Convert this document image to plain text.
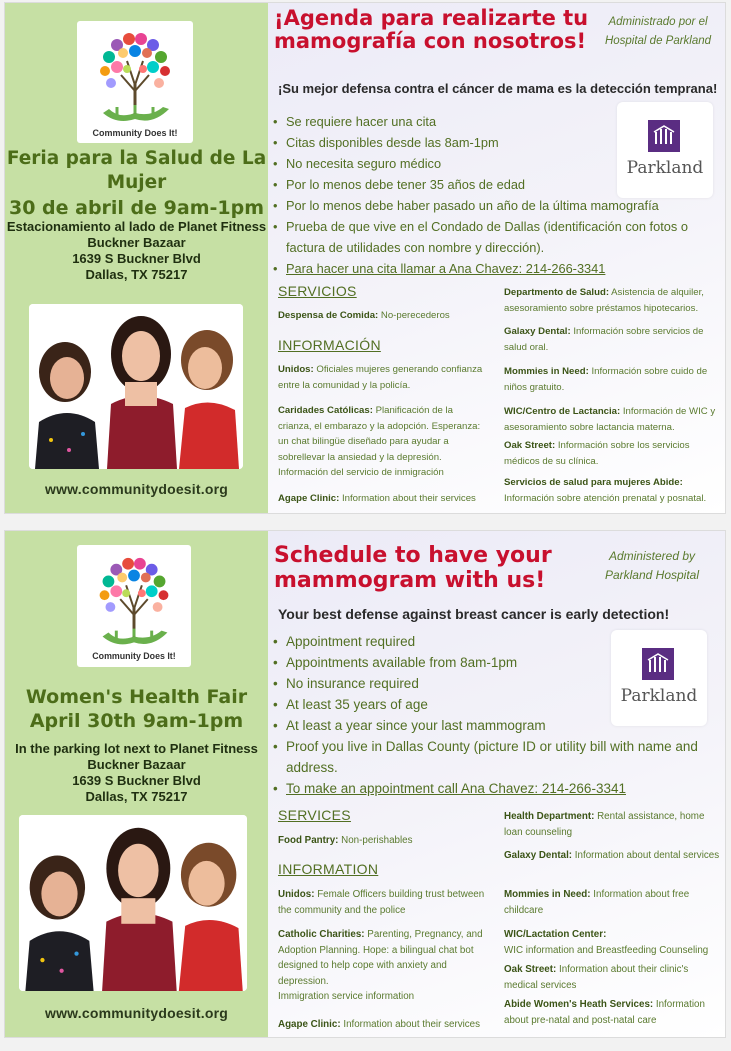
Community Does It!
Feria para la Salud de La Mujer
30 de abril de 9am-1pm
Estacionamiento al lado de Planet Fitness
Buckner Bazaar
1639 S Buckner Blvd
Dallas, TX 75217
www.communitydoesit.org
¡Agenda para realizarte tu mamografía con nosotros!
Administrado por el Hospital de Parkland
¡Su mejor defensa contra el cáncer de mama es la detección temprana!
Parkland
• Se requiere hacer una cita
• Citas disponibles desde las 8am-1pm
• No necesita seguro médico
• Por lo menos debe tener 35 años de edad
• Por lo menos debe haber pasado un año de la última mamografía
• Prueba de que vive en el Condado de Dallas (identificación con fotos o factura de utilidades con nombre y dirección).
• Para hacer una cita llamar a Ana Chavez: 214-266-3341
SERVICIOS
INFORMACIÓN
Despensa de Comida: No-perecederos
Unidos: Oficiales mujeres generando confianza entre la comunidad y la policía.
Caridades Católicas: Planificación de la crianza, el embarazo y la adopción. Esperanza: un chat bilingüe diseñado para ayudar a sobrellevar la ansiedad y la depresión. Información del servicio de inmigración
Agape Clinic: Information about their services
Departmento de Salud: Asistencia de alquiler, asesoramiento sobre préstamos hipotecarios.
Galaxy Dental: Información sobre servicios de salud oral.
Mommies in Need: Información sobre cuido de niños gratuito.
WIC/Centro de Lactancia: Información de WIC y asesoramiento sobre lactancia materna.
Oak Street: Información sobre los servicios médicos de su clínica.
Servicios de salud para mujeres Abide: Información sobre atención prenatal y posnatal.
Community Does It!
Women's Health Fair
April 30th 9am-1pm
In the parking lot next to Planet Fitness
Buckner Bazaar
1639 S Buckner Blvd
Dallas, TX 75217
www.communitydoesit.org
Schedule to have your mammogram with us!
Administered by Parkland Hospital
Your best defense against breast cancer is early detection!
Parkland
• Appointment required
• Appointments available from 8am-1pm
• No insurance required
• At least 35 years of age
• At least a year since your last mammogram
• Proof you live in Dallas County (picture ID or utility bill with name and address.
• To make an appointment call Ana Chavez: 214-266-3341
SERVICES
INFORMATION
Food Pantry: Non-perishables
Unidos: Female Officers building trust between the community and the police
Catholic Charities: Parenting, Pregnancy, and Adoption Planning. Hope: a bilingual chat bot designed to help cope with anxiety and depression.
Immigration service information
Agape Clinic: Information about their services
Health Department: Rental assistance, home loan counseling
Galaxy Dental: Information about dental services
Mommies in Need: Information about free childcare
WIC/Lactation Center:
WIC information and Breastfeeding Counseling
Oak Street: Information about their clinic's medical services
Abide Women's Heath Services: Information about pre-natal and post-natal care
